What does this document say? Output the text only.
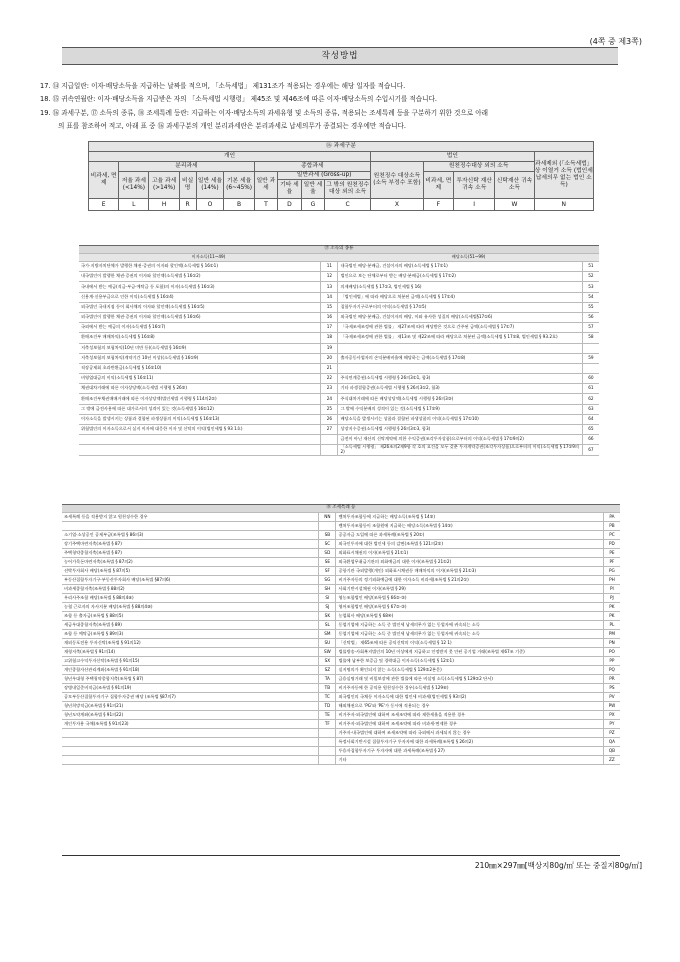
(4쪽 중 제3쪽)
작성방법

17. ⑭ 지급일란: 이자·배당소득을 지급하는 날짜를 적으며, 「소득세법」 제131조가 적용되는 경우에는 해당 일자를 적습니다.

18. ⑮ 귀속연월란: 이자·배당소득을 지급받은 자의 「소득세법 시행령」 제45조 및 제46조에 따른 이자·배당소득의 수입시기를 적습니다.

19. ⑯ 과세구분, ⑰ 소득의 종류, ⑱ 조세특례 등란: 지급하는 이자·배당소득의 과세유형 및 소득의 종류, 적용되는 조세특례 등을 구분하기 위한 것으로 아래

의 표를 참조하여 적고, 아래 표 중 ⑯ 과세구분의 개인 분리과세란은 분리과세로 납세의무가 종결되는 경우에만 적습니다.

⑯ 과세구분														
개인										법인				과세제외 (「소득세법」상 이열거 소득 (법인세 납세의무 없는 법인 소득)
비과세, 면제	분리과세					종합과세				원천징수 대상소득 (소득 부정수 포함)	원천징수대상 외의 소득			
	저율 과세 (<14%)	고율 과세 (>14%)	비실명	일반 세율 (14%)	기본 세율 (6~45%)	일반 과세	일반과세 (Gross-up)				비과세, 면제	투자신탁 재산 귀속 소득	신탁재산 귀속소득	
							기타 세율	일반 세율	그 밖의 원천징수대상 외의 소득					
E	L	H	R	O	B	T	D	G	C	X	F	I	W	N
⑰ 소득의 종류			
이자소득(11~49)		배당소득(51~99)	
국가·지방자치단체가 발행한 채권·증권의 이자와 할인액(소득세법 § 16①1)	11	내국법인 배당·분배금, 건설이자의 배당(소득세법 § 17①1)	51
내국법인이 발행한 채권·증권의 이자와 할인액(소득세법 § 16①2)	12	법인으로 보는 단체로부터 받는 배당·분배금(소득세법 § 17①2)	52
국내에서 받는 예금(적금·부금·예탁금 등 포함)의 이자(소득세법 § 16①3)	13	의제배당(소득세법 § 17①3, 법인세법 § 16)	53
신용계·신용부금으로 인한 이익(소득세법 § 16①4)	14	「법인세법」에 따라 배당으로 처분된 금액(소득세법 § 17①4)	54
외국법인 국내지점 등이 회사채의 이자와 할인액(소득세법 § 16①5)	15	집합투자기구로부터의 이익(소득세법 § 17①5)	55
외국법인이 발행한 채권·증권의 이자와 할인액(소득세법 § 16①6)	16	외국법인 배당·분배금, 건설이자의 배당, 이와 유사한 성질의 배당(소득세법§17①6)	56
국외에서 받는 예금의 이자(소득세법 § 16①7)	17	「국제조세조정에 관한 법률」 제27조에 따라 배당받은 것으로 간주된 금액(소득세법 § 17①7)	57
환매조건부 매매차익(소득세법 § 16①8)	18	「국제조세조정에 관한 법률」 제13조 및 제22조에 따라 배당으로 처분된 금액(소득세법 § 17①8, 법인세법 § 93.2호)	58
저축성보험의 보험차익(10년 미만 등)(소득세법 § 16①9)	19		
저축성보험의 보험차익(계약기간 10년 이상)(소득세법 § 16①9)	20	출자공동사업자의 손익분배비율에 해당하는 금액(소득세법 § 17①8)	59
직장공제회 초과반환금(소득세법 § 16①10)	21		
비영업대금의 이익(소득세법 § 16①11)	22	주식연계증권(소득세법 시행령 § 26의3①1, 합3)	60
채권대차거래에 따른 이자상당액(소득세법 시행령 § 26③)	23	기타 파생결합증권(소득세법 시행령 § 26의3①2, 합3)	61
환매조건부채권매매거래에 따른 이자상당액(법인세법 시행령 § 114의2②)	24	주식대차거래에 따른 배당상당액(소득세법 시행령 § 26의3③)	62
그 밖에 금전사용에 따른 대가로서의 성격이 있는 것(소득세법 § 16①12)	25	그 밖에 수익분배의 성격이 있는 것(소득세법 § 17①9)	63
이자소득을 발생시키는 상품과 결합된 파생상품의 이익(소득세법 § 16①13)	26	배당소득을 발생시키는 상품과 결합된 파생상품의 이익(소득세법 § 17①10)	64
위험법인의 이자소득으로서 실지 이자에 대응한 이자 및 신탁의 이익(법인세법 § 93 1호)	27	상장지수증권(소득세법 시행령 § 26의3①3, 합3)	65
		금전이 아닌 재산의 신탁계약에 의한 수익증권(조각투자상품)으로부터의 이익(소득세법 § 17①9의2)	66
		「소득세법 시행령」 제26조의2제9항 각 호의 요건을 모두 갖춘 투자계약증권(조각투자상품)으로부터의 이익(소득세법 § 17①9의2)	67
⑱ 조세특례 등			
조세특례 등을 적용받지 않고 원천징수한 경우	NN	벤처투자조합등에 지급하는 배당소득(조특법 § 14③)	PA
		벤처투자조합등이 조합원에 지급하는 배당소득(조특법 § 14③)	PB
소기업·소상공인 공제부금(조특법 § 86의3)	SB	공공자금 도입에 따른 과세특례(조특법 § 20①)	PC
장기주택마련저축(조특법 § 87)	SC	외국인투자에 대한 법인세 등의 감면(조특법 § 121의2①)	PD
주택청약종합저축(조특법 § 87)	SD	외화표시채권의 이자(조특법 § 21①1)	PE
농어가목돈마련저축(조특법 § 87의2)	SE	외국환업무취급기관의 외화예금의 대한 이자(조특법 § 21①2)	PF
선박투자회사 배당(조특법 § 87의5)	SF	공항기관 국외발행(개인) 외화표시채권등 매매차익의 이자(조특법 § 21①3)	PG
부동산집합투자기구·부동산투자회사 배당(조특법 §87의6)	SG	비거주자등의 정기외화예금에 대한 이자소득 비과세(조특법 § 21의2①)	PH
비과세종합저축(조특법 § 88의2)	SH	사회기반시설채권 이자(조특법 § 29)	PI
우리사주조합 배당(조특법 § 88의4⑨)	SI	영농조합법인 배당(조특법 § 66②·③)	PJ
농협 근로자의 자사지분 배당(조특법 § 88의4⑩)	SJ	영어조합법인 배당(조특법 § 67②·③)	PK
조합 등 출자금(조특법 § 88의5)	SK	농업회사 배당(조특법 § 68④)	PK
세금우대종합저축(조특법 § 89)	SL	동업기업에 지급하는 소득 중 법인세 납세의무가 없는 동업자에 귀속되는 소득	PL
조합 등 예탁금(조특법 § 89의3)	SM	동업기업에 지급하는 소득 중 법인세 납세의무가 없는 동업자에 귀속되는 소득	PM
재외동포전용 투자신탁(조특법 § 91의12)	SU	「신탁법」 제65조에 따른 공익신탁의 이익(소득세법 § 12 1)	PN
재형저축(조특법 § 91의14)	SW	법률방송·사회복지법인의 10년 이상에게 지급하고 인정받지 못 안된 공기업 거래(조특법 제67조 기준)	PO
고위험고수익투자신탁(조특법 § 91의15)	SX	법률에 납부한 보증금 및 경락대금 이자소득(소득세법 § 12①1)	PP
개인종합자산관리계좌(조특법 § 91의18)	SZ	실지명의가 확인되지 않는 소득(소득세법 § 129②2본문)	PQ
청년우대형 주택청약종합저축(조특법 § 87)	TA	금융실명거래 및 비밀보장에 관한 법률에 따른 비실명 소득(소득세법 § 129②2 단서)	PR
장병내일준비적금(조특법 § 91의19)	TB	비거주자등에 한 공익용 원천징수한 경우(소득세법 § 129⑥)	PS
공모부동산집합투자기구 집합투자증권 배당 (조특법 §87의7)	TC	외국법인의 국채등 이자소득에 대한 법인세 비과세(법인세법 § 93의2)	PV
청년희망적금(조특법 § 91의21)	TD	해외채권으로 'PG'와 'PE'가 동시에 적용되는 경우	PW
청년도약계좌(조특법 § 91의22)	TE	비거주자·외국법인에 대하여 조세조약에 따라 제한세율을 적용한 경우	PX
개인투자용 국채(조특법 § 91의23)	TF	비거주자·외국법인에 대하여 조세조약에 따라 비과세·면제한 경우	PY
		거주자·내국법인에 대하여 조세조약에 따라 국외에서 과세되지 않는 경우	PZ
		특정사회기반시설 집합투자기구 투자자에 대한 과세특례(조특법 § 26의2)	QA
		투융자집합투자기구 투자자에 대한 과세특례(조특법 § 27)	QB
		기타	ZZ
210㎜×297㎜[백상지80g/㎡ 또는 중질지80g/㎡]
